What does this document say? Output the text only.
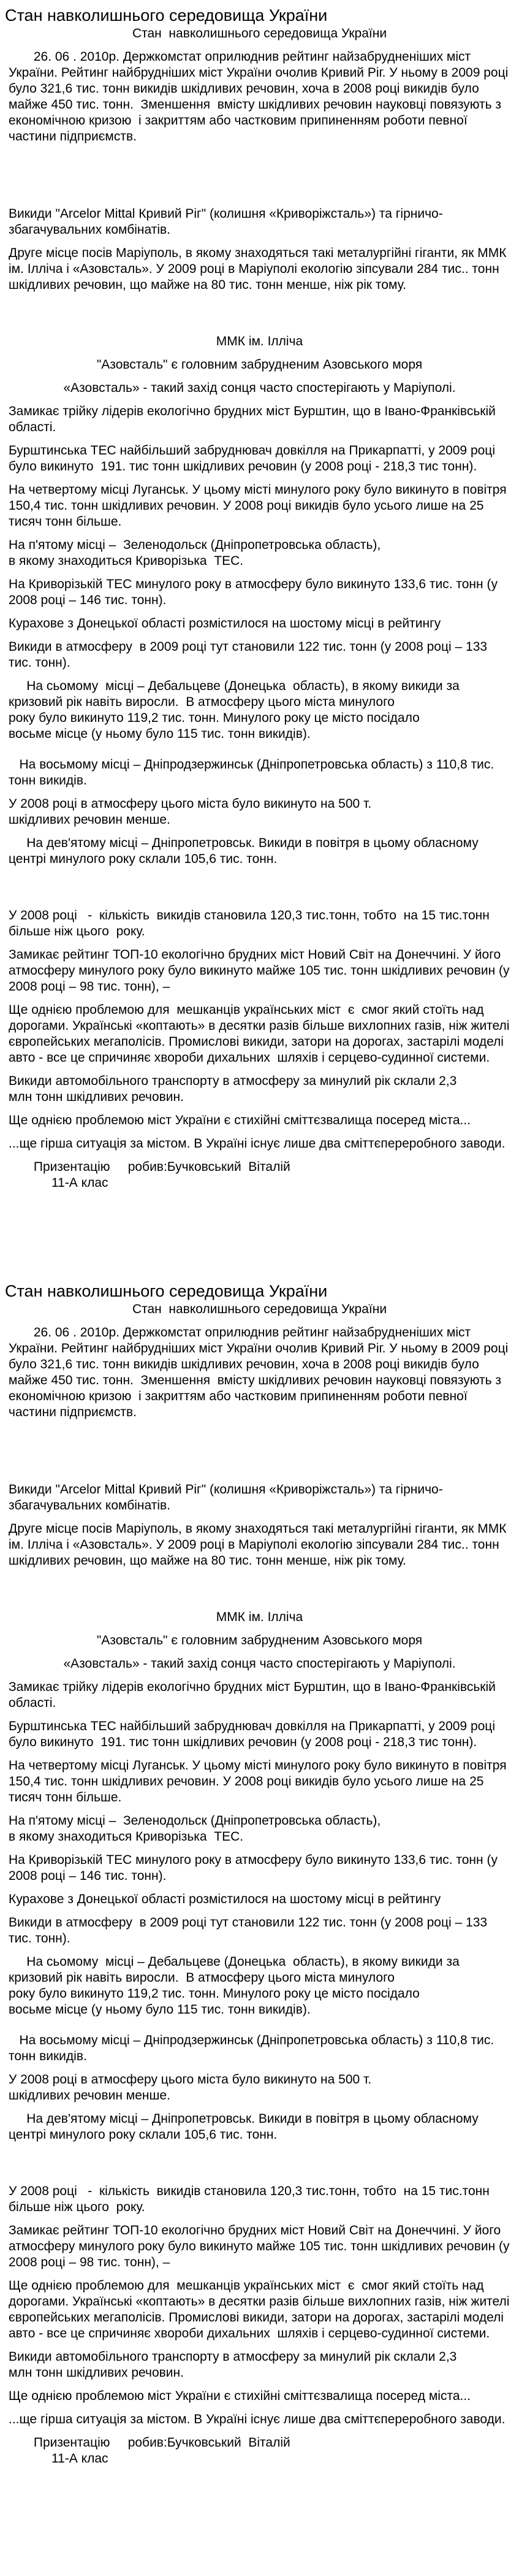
Стан навколишнього середовища України
Стан  навколишнього середовища України
26. 06 . 2010р. Держкомстат оприлюднив рейтинг найзабрудненіших міст України. Рейтинг найбрудніших міст України очолив Кривий Ріг. У ньому в 2009 році було 321,6 тис. тонн викидів шкідливих речовин, хоча в 2008 році викидів було майже 450 тис. тонн.  Зменшення  вмісту шкідливих речовин науковці повязують з економічною кризою  і закриттям або частковим припиненням роботи певної частини підприємств.
Викиди "Arcelor Mittal Кривий Ріг" (колишня «Криворіжсталь») та гірничо-збагачувальних комбінатів.
Друге місце посів Маріуполь, в якому знаходяться такі металургійні гіганти, як ММК ім. Ілліча і «Азовсталь». У 2009 році в Маріуполі екологію зіпсували 284 тис.. тонн шкідливих речовин, що майже на 80 тис. тонн менше, ніж рік тому.
ММК ім. Ілліча
"Азовсталь" є головним забрудненим Азовського моря
«Азовсталь» - такий захід сонця часто спостерігають у Маріуполі.
Замикає трійку лідерів екологічно брудних міст Бурштин, що в Івано-Франківській області.
Бурштинська ТЕС найбільший забруднювач довкілля на Прикарпатті, у 2009 році було викинуто  191. тис тонн шкідливих речовин (у 2008 році - 218,3 тис тонн).
На четвертому місці Луганськ. У цьому місті минулого року було викинуто в повітря 150,4 тис. тонн шкідливих речовин. У 2008 році викидів було усього лише на 25 тисяч тонн більше.
На п'ятому місці –  Зеленодольск (Дніпропетровська область),
в якому знаходиться Криворізька  ТЕС.
На Криворізькій ТЕС минулого року в атмосферу було викинуто 133,6 тис. тонн (у 2008 році – 146 тис. тонн).
Курахове з Донецької області розмістилося на шостому місці в рейтингу
Викиди в атмосферу  в 2009 році тут становили 122 тис. тонн (у 2008 році – 133 тис. тонн).
На сьомому  місці – Дебальцеве (Донецька  область), в якому викиди за кризовий рік навіть виросли.  В атмосферу цього міста минулого
року було викинуто 119,2 тис. тонн. Минулого року це місто посідало
восьме місце (у ньому було 115 тис. тонн викидів).
На восьмому місці – Дніпродзержинськ (Дніпропетровська область) з 110,8 тис. тонн викидів.
У 2008 році в атмосферу цього міста було викинуто на 500 т.
шкідливих речовин менше.
На дев'ятому місці – Дніпропетровськ. Викиди в повітря в цьому обласному центрі минулого року склали 105,6 тис. тонн.
У 2008 році   -  кількість  викидів становила 120,3 тис.тонн, тобто  на 15 тис.тонн більше ніж цього  року.
Замикає рейтинг ТОП-10 екологічно брудних міст Новий Світ на Донеччині. У його атмосферу минулого року було викинуто майже 105 тис. тонн шкідливих речовин (у 2008 році – 98 тис. тонн), –
Ще однією проблемою для  мешканців українських міст  є  смог який стоїть над дорогами. Українські «коптають» в десятки разів більше вихлопних газів, ніж жителі європейських мегаполісів. Промислові викиди, затори на дорогах, застарілі моделі авто - все це спричиняє хвороби дихальних  шляхів і серцево-судинної системи.
Викиди автомобільного транспорту в атмосферу за минулий рік склали 2,3
млн тонн шкідливих речовин.
Ще однією проблемою міст України є стихійні сміттєзвалища посеред міста...
...ще гірша ситуація за містом. В Україні існує лише два сміттєпереробного заводи.
Призентацію     робив:Бучковський  Віталій
11-А клас
Стан навколишнього середовища України
Стан  навколишнього середовища України
26. 06 . 2010р. Держкомстат оприлюднив рейтинг найзабрудненіших міст України. Рейтинг найбрудніших міст України очолив Кривий Ріг. У ньому в 2009 році було 321,6 тис. тонн викидів шкідливих речовин, хоча в 2008 році викидів було майже 450 тис. тонн.  Зменшення  вмісту шкідливих речовин науковці повязують з економічною кризою  і закриттям або частковим припиненням роботи певної частини підприємств.
Викиди "Arcelor Mittal Кривий Ріг" (колишня «Криворіжсталь») та гірничо-збагачувальних комбінатів.
Друге місце посів Маріуполь, в якому знаходяться такі металургійні гіганти, як ММК ім. Ілліча і «Азовсталь». У 2009 році в Маріуполі екологію зіпсували 284 тис.. тонн шкідливих речовин, що майже на 80 тис. тонн менше, ніж рік тому.
ММК ім. Ілліча
"Азовсталь" є головним забрудненим Азовського моря
«Азовсталь» - такий захід сонця часто спостерігають у Маріуполі.
Замикає трійку лідерів екологічно брудних міст Бурштин, що в Івано-Франківській області.
Бурштинська ТЕС найбільший забруднювач довкілля на Прикарпатті, у 2009 році було викинуто  191. тис тонн шкідливих речовин (у 2008 році - 218,3 тис тонн).
На четвертому місці Луганськ. У цьому місті минулого року було викинуто в повітря 150,4 тис. тонн шкідливих речовин. У 2008 році викидів було усього лише на 25 тисяч тонн більше.
На п'ятому місці –  Зеленодольск (Дніпропетровська область),
в якому знаходиться Криворізька  ТЕС.
На Криворізькій ТЕС минулого року в атмосферу було викинуто 133,6 тис. тонн (у 2008 році – 146 тис. тонн).
Курахове з Донецької області розмістилося на шостому місці в рейтингу
Викиди в атмосферу  в 2009 році тут становили 122 тис. тонн (у 2008 році – 133 тис. тонн).
На сьомому  місці – Дебальцеве (Донецька  область), в якому викиди за кризовий рік навіть виросли.  В атмосферу цього міста минулого
року було викинуто 119,2 тис. тонн. Минулого року це місто посідало
восьме місце (у ньому було 115 тис. тонн викидів).
На восьмому місці – Дніпродзержинськ (Дніпропетровська область) з 110,8 тис. тонн викидів.
У 2008 році в атмосферу цього міста було викинуто на 500 т.
шкідливих речовин менше.
На дев'ятому місці – Дніпропетровськ. Викиди в повітря в цьому обласному центрі минулого року склали 105,6 тис. тонн.
У 2008 році   -  кількість  викидів становила 120,3 тис.тонн, тобто  на 15 тис.тонн більше ніж цього  року.
Замикає рейтинг ТОП-10 екологічно брудних міст Новий Світ на Донеччині. У його атмосферу минулого року було викинуто майже 105 тис. тонн шкідливих речовин (у 2008 році – 98 тис. тонн), –
Ще однією проблемою для  мешканців українських міст  є  смог який стоїть над дорогами. Українські «коптають» в десятки разів більше вихлопних газів, ніж жителі європейських мегаполісів. Промислові викиди, затори на дорогах, застарілі моделі авто - все це спричиняє хвороби дихальних  шляхів і серцево-судинної системи.
Викиди автомобільного транспорту в атмосферу за минулий рік склали 2,3
млн тонн шкідливих речовин.
Ще однією проблемою міст України є стихійні сміттєзвалища посеред міста...
...ще гірша ситуація за містом. В Україні існує лише два сміттєпереробного заводи.
Призентацію     робив:Бучковський  Віталій
11-А клас
